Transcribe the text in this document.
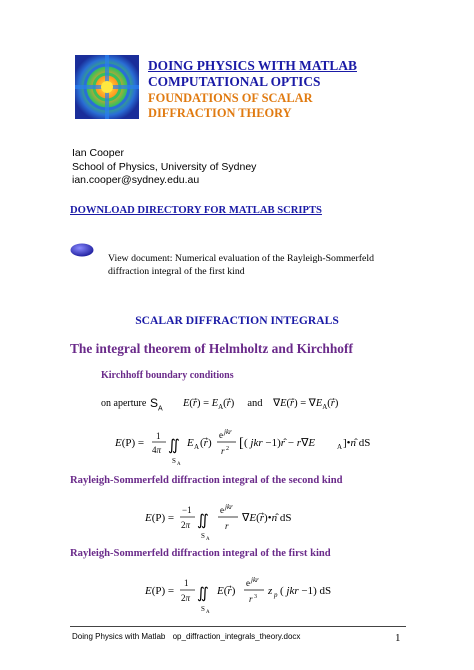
DOING PHYSICS WITH MATLAB
COMPUTATIONAL OPTICS
FOUNDATIONS OF SCALAR
DIFFRACTION THEORY
Ian Cooper
School of Physics, University of Sydney
ian.cooper@sydney.edu.au
DOWNLOAD DIRECTORY FOR MATLAB SCRIPTS
View document: Numerical evaluation of the Rayleigh-Sommerfeld
diffraction integral of the first kind
SCALAR DIFFRACTION INTEGRALS
The integral theorem of Helmholtz and Kirchhoff
Kirchhoff boundary conditions
on aperture $S_A$ E(r⃗) = $E_A(r⃗)$     and    ∇E(r⃗) = $\nabla E_A(r⃗)$
E(P) =
1
4π ∬
S A
E A (r⃗)
e jkr
r 2 [ ( jkr −1)r̂ − r∇E	A ]•n̂ dS
Rayleigh-Sommerfeld diffraction integral of the second kind
E(P) =
−1
2π ∬
S A
e jkr
r
∇E(r⃗)•n̂ dS
Rayleigh-Sommerfeld diffraction integral of the first kind
E(P) =
1
2π ∬
S A
E(r⃗)
e jkr
r 3 z p ( jkr −1) dS
Doing Physics with Matlab op_diffraction_integrals_theory.docx	1
